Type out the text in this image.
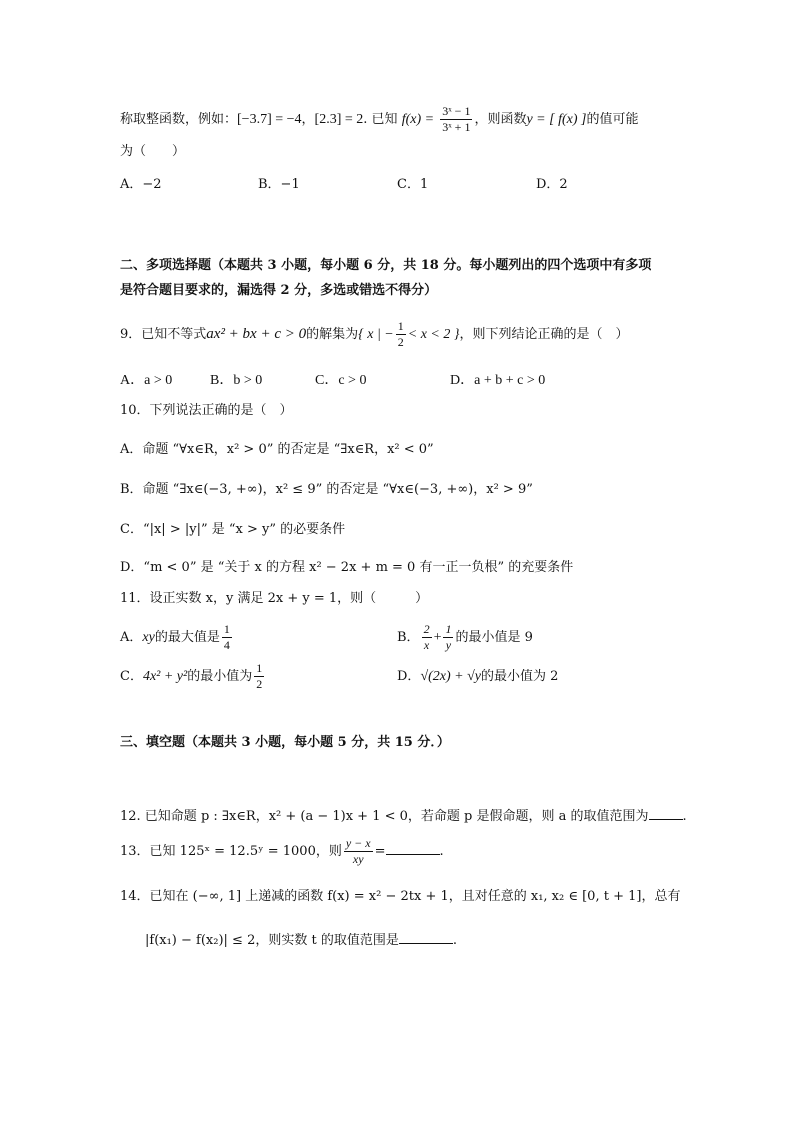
称取整函数，例如：[−3.7] = −4，[2.3] = 2. 已知 $f(x) = \frac{\text{3ˣ − 1}}{\text{3ˣ + 1}}$ ，则函数y = [ f(x) ]的值可能
为（　　）
A．−2	B．−1	C．1	D．2
二、多项选择题（本题共 3 小题，每小题 6 分，共 18 分。每小题列出的四个选项中有多项
是符合题目要求的，漏选得 2 分，多选或错选不得分）
9．已知不等式ax² + bx + c > 0的解集为{ x | − $\frac{1}{2} < x < 2$ }，则下列结论正确的是（　）
A．a > 0	B．b > 0	C．c > 0	D．a + b + c > 0
10．下列说法正确的是（　）
A．命题 “∀x∈R，x² > 0” 的否定是 “∃x∈R，x² < 0”
B．命题 “∃x∈(−3, +∞)，x² ≤ 9” 的否定是 “∀x∈(−3, +∞)，x² > 9”
C．“|x| > |y|” 是 “x > y” 的必要条件
D．“m < 0” 是 “关于 x 的方程 x² − 2x + m = 0 有一正一负根” 的充要条件
11．设正实数 x，y 满足 2x + y = 1，则（　　　）
A．xy的最大值是 $\frac{1}{4}$	B． $\frac{2}{x} + \frac{1}{y}$ 的最小值是 9
C．4x² + y²的最小值为 $\frac{1}{2}$	D．√(2x) + √y的最小值为 2
三、填空题（本题共 3 小题，每小题 5 分，共 15 分．）
12. 已知命题 p : ∃x∈R，x² + (a − 1)x + 1 < 0，若命题 p 是假命题，则 a 的取值范围为	.
13．已知 125ˣ = 12.5ʸ = 1000，则 $\frac{y - x}{xy}$ =	.
14．已知在 (−∞, 1] 上递减的函数 f(x) = x² − 2tx + 1，且对任意的 x₁, x₂ ∈ [0, t + 1]，总有
|f(x₁) − f(x₂)| ≤ 2，则实数 t 的取值范围是	.
